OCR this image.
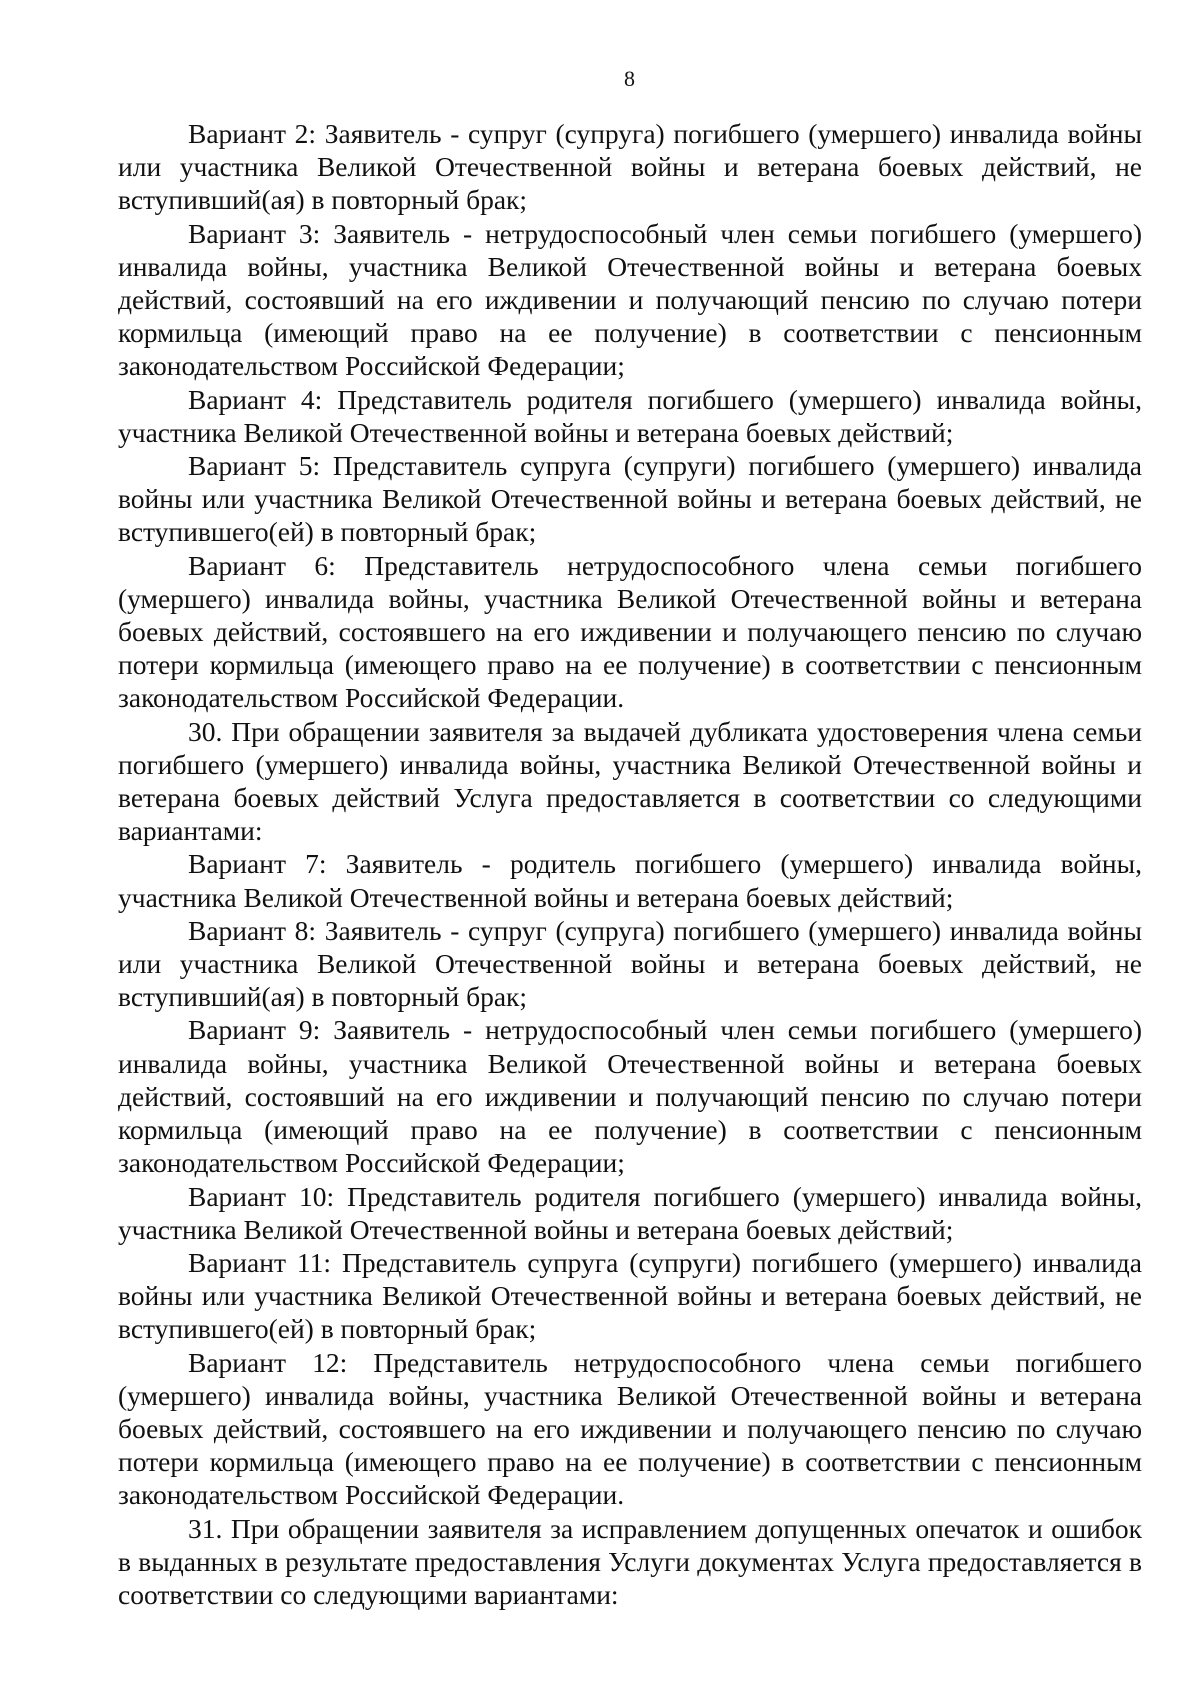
8

Вариант 2: Заявитель - супруг (супруга) погибшего (умершего) инвалида войны или участника Великой Отечественной войны и ветерана боевых действий, не вступивший(ая) в повторный брак;

Вариант 3: Заявитель - нетрудоспособный член семьи погибшего (умершего) инвалида войны, участника Великой Отечественной войны и ветерана боевых действий, состоявший на его иждивении и получающий пенсию по случаю потери кормильца (имеющий право на ее получение) в соответствии с пенсионным законодательством Российской Федерации;

Вариант 4: Представитель родителя погибшего (умершего) инвалида войны, участника Великой Отечественной войны и ветерана боевых действий;

Вариант 5: Представитель супруга (супруги) погибшего (умершего) инвалида войны или участника Великой Отечественной войны и ветерана боевых действий, не вступившего(ей) в повторный брак;

Вариант 6: Представитель нетрудоспособного члена семьи погибшего (умершего) инвалида войны, участника Великой Отечественной войны и ветерана боевых действий, состоявшего на его иждивении и получающего пенсию по случаю потери кормильца (имеющего право на ее получение) в соответствии с пенсионным законодательством Российской Федерации.

30. При обращении заявителя за выдачей дубликата удостоверения члена семьи погибшего (умершего) инвалида войны, участника Великой Отечественной войны и ветерана боевых действий Услуга предоставляется в соответствии со следующими вариантами:

Вариант 7: Заявитель - родитель погибшего (умершего) инвалида войны, участника Великой Отечественной войны и ветерана боевых действий;

Вариант 8: Заявитель - супруг (супруга) погибшего (умершего) инвалида войны или участника Великой Отечественной войны и ветерана боевых действий, не вступивший(ая) в повторный брак;

Вариант 9: Заявитель - нетрудоспособный член семьи погибшего (умершего) инвалида войны, участника Великой Отечественной войны и ветерана боевых действий, состоявший на его иждивении и получающий пенсию по случаю потери кормильца (имеющий право на ее получение) в соответствии с пенсионным законодательством Российской Федерации;

Вариант 10: Представитель родителя погибшего (умершего) инвалида войны, участника Великой Отечественной войны и ветерана боевых действий;

Вариант 11: Представитель супруга (супруги) погибшего (умершего) инвалида войны или участника Великой Отечественной войны и ветерана боевых действий, не вступившего(ей) в повторный брак;

Вариант 12: Представитель нетрудоспособного члена семьи погибшего (умершего) инвалида войны, участника Великой Отечественной войны и ветерана боевых действий, состоявшего на его иждивении и получающего пенсию по случаю потери кормильца (имеющего право на ее получение) в соответствии с пенсионным законодательством Российской Федерации.

31. При обращении заявителя за исправлением допущенных опечаток и ошибок в выданных в результате предоставления Услуги документах Услуга предоставляется в соответствии со следующими вариантами:
